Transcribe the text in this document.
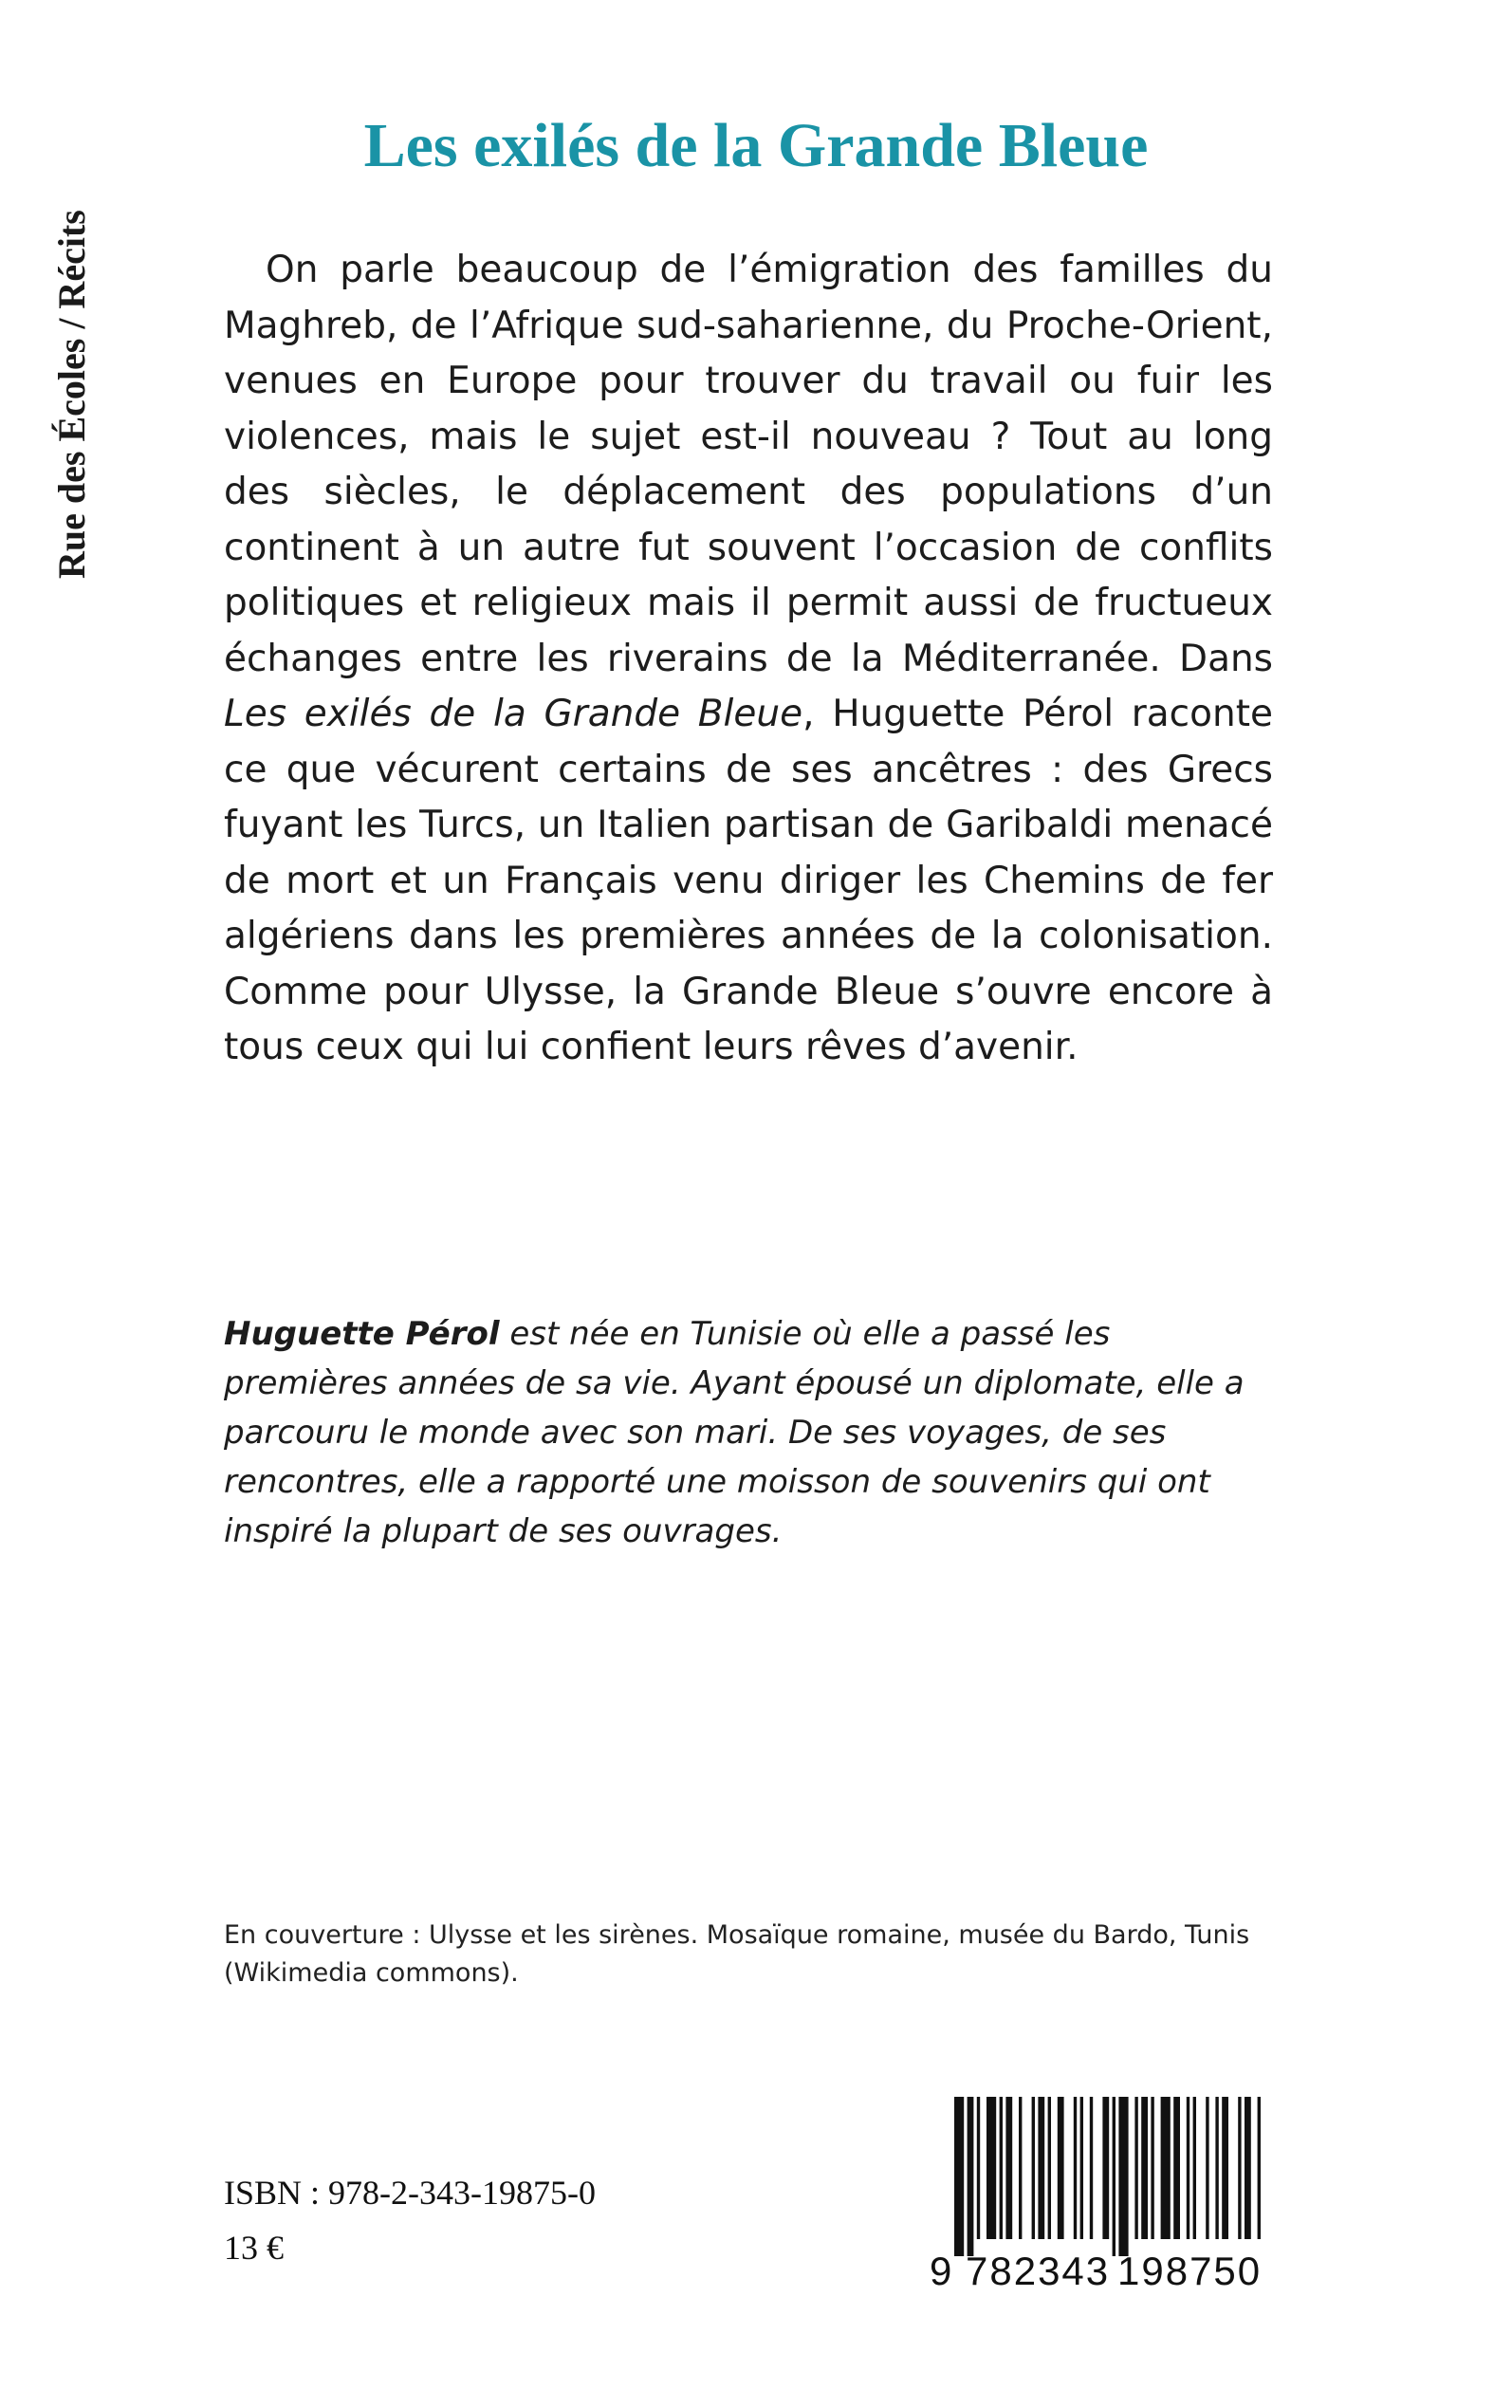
Rue des Écoles / Récits
Les exilés de la Grande Bleue

On parle beaucoup de l’émigration des familles du Maghreb, de l’Afrique sud-saharienne, du Proche-Orient, venues en Europe pour trouver du travail ou fuir les violences, mais le sujet est-il nouveau ? Tout au long des siècles, le déplacement des populations d’un continent à un autre fut souvent l’occasion de conflits politiques et religieux mais il permit aussi de fructueux échanges entre les riverains de la Méditerranée. Dans Les exilés de la Grande Bleue, Huguette Pérol raconte ce que vécurent certains de ses ancêtres : des Grecs fuyant les Turcs, un Italien partisan de Garibaldi menacé de mort et un Français venu diriger les Chemins de fer algériens dans les premières années de la colonisation. Comme pour Ulysse, la Grande Bleue s’ouvre encore à tous ceux qui lui confient leurs rêves d’avenir.

Huguette Pérol est née en Tunisie où elle a passé les premières années de sa vie. Ayant épousé un diplomate, elle a parcouru le monde avec son mari. De ses voyages, de ses rencontres, elle a rapporté une moisson de souvenirs qui ont inspiré la plupart de ses ouvrages.

En couverture : Ulysse et les sirènes. Mosaïque romaine, musée du Bardo, Tunis (Wikimedia commons).

ISBN : 978-2-343-19875-0

13 €

9 782343 198750
